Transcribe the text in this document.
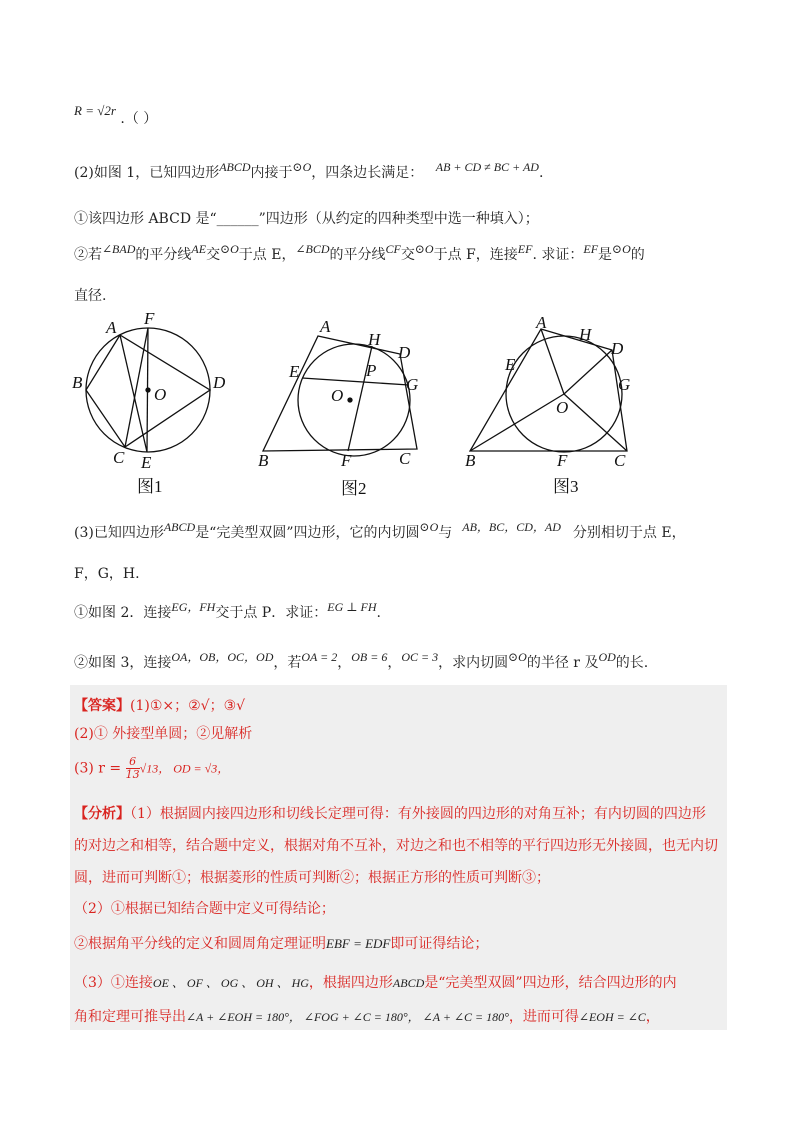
R = √2r .（ ）
(2)如图 1，已知四边形ABCD内接于⊙O，四条边长满足： AB + CD ≠ BC + AD.
①该四边形 ABCD 是“______”四边形（从约定的四种类型中选一种填入）；
②若∠BAD的平分线AE交⊙O于点 E，∠BCD的平分线CF交⊙O于点 F，连接EF. 求证：EF是⊙O的
直径.
A F
B
O
D
C E
图1
A
H
D
E	P
G
O
B	F	C
图2
A
H
D
E
G
O
B	F	C
图3
(3)已知四边形ABCD是“完美型双圆”四边形，它的内切圆⊙O与 AB，BC，CD，AD 分别相切于点 E，
F，G，H.
①如图 2．连接EG，FH交于点 P．求证：EG ⊥ FH.
②如图 3，连接OA，OB，OC，OD，若OA = 2，OB = 6，OC = 3，求内切圆⊙O的半径 r 及OD的长.
【答案】(1)①×；②√；③√
(2)① 外接型单圆；②见解析
(3) $r = \frac{6}{13} √13$， OD = √3，
【分析】（1）根据圆内接四边形和切线长定理可得：有外接圆的四边形的对角互补；有内切圆的四边形
的对边之和相等，结合题中定义，根据对角不互补，对边之和也不相等的平行四边形无外接圆，也无内切
圆，进而可判断①；根据菱形的性质可判断②；根据正方形的性质可判断③；
（2）①根据已知结合题中定义可得结论；
②根据角平分线的定义和圆周角定理证明EBF = EDF即可证得结论；
（3）①连接OE 、 OF 、 OG 、 OH 、 HG，根据四边形ABCD是“完美型双圆”四边形，结合四边形的内
角和定理可推导出∠A + ∠EOH = 180°， ∠FOG + ∠C = 180°， ∠A + ∠C = 180°，进而可得∠EOH = ∠C，
